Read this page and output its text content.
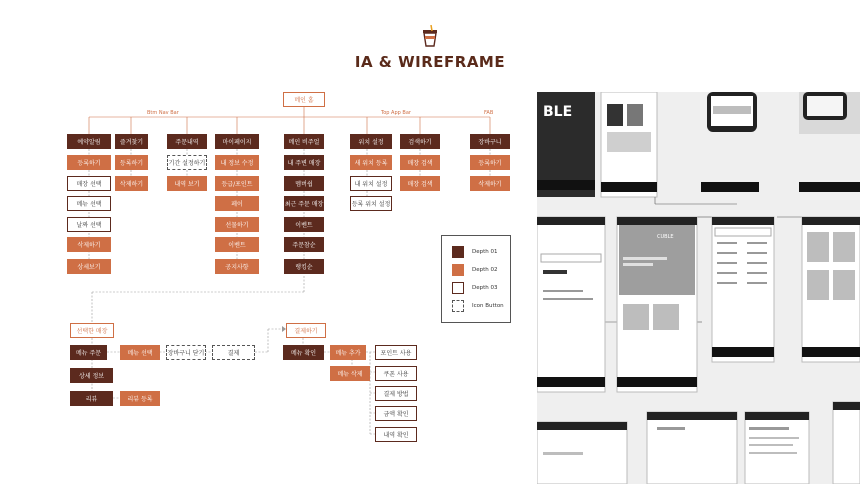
IA & WIREFRAME
메인 홈
Btm Nav Bar	Top App Bar	FAB
예약알림
등록하기
매장 선택
메뉴 선택
날짜 선택
삭제하기
상세보기
즐겨찾기
등록하기
삭제하기
주문내역
기간 설정하기
내역 보기
마이페이지
내 정보 수정
등급/포인트
페이
선물하기
이벤트
공지사항
메인 비주얼
내 주변 매장
멤버쉽
최근 주문 매장
이벤트
주문참순
랭킹순
위치 설정
새 위치 등록
내 위치 설정
등록 위치 설정
검색하기
매장 검색
매장 검색
장바구니
등록하기
삭제하기
선택한 매장
메뉴 주문	메뉴 선택	장바구니 닫기	결제
상세 정보
리뷰	리뷰 등록
결제하기
메뉴 확인	메뉴 추가
메뉴 삭제
포인트 사용
쿠폰 사용
결제 방법
금액 확인
내역 확인
Depth 01
Depth 02
Depth 03
Icon Button
BLE
CUBLE
